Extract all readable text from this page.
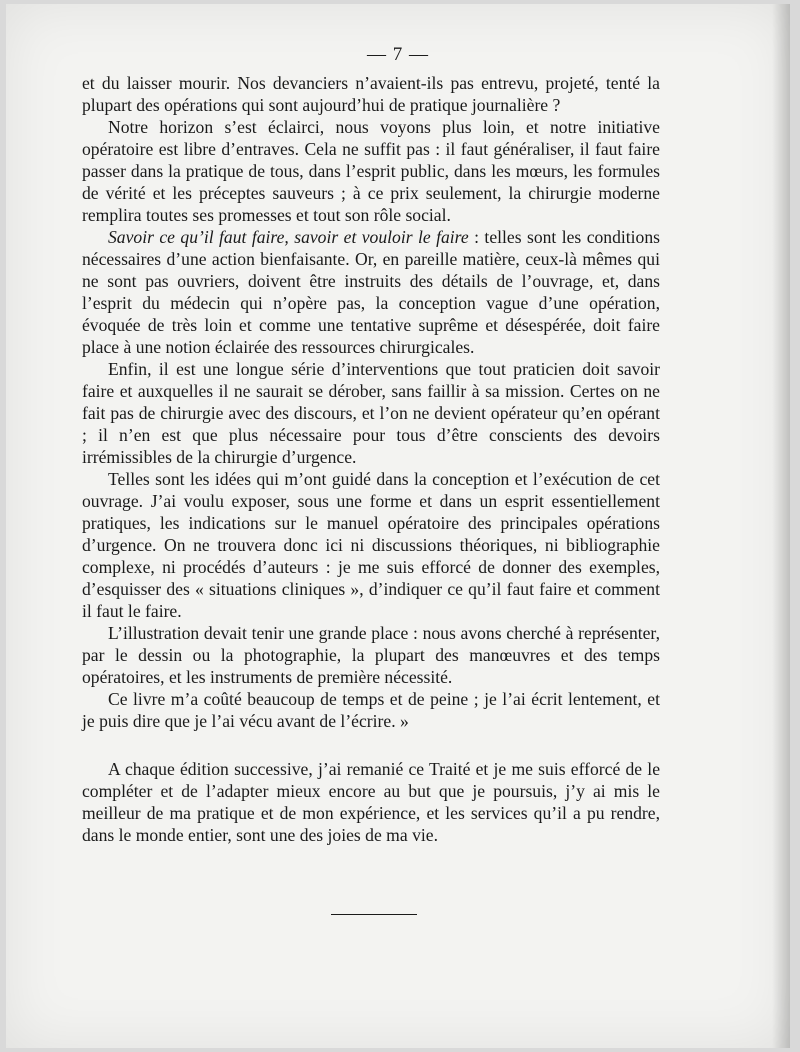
— 7 —

et du laisser mourir. Nos devanciers n’avaient-ils pas entrevu, projeté, tenté la plupart des opérations qui sont aujourd’hui de pratique journalière ?

Notre horizon s’est éclairci, nous voyons plus loin, et notre initiative opératoire est libre d’entraves. Cela ne suffit pas : il faut généraliser, il faut faire passer dans la pratique de tous, dans l’esprit public, dans les mœurs, les formules de vérité et les préceptes sauveurs ; à ce prix seulement, la chirurgie moderne remplira toutes ses promesses et tout son rôle social.

Savoir ce qu’il faut faire, savoir et vouloir le faire : telles sont les conditions nécessaires d’une action bienfaisante. Or, en pareille matière, ceux-là mêmes qui ne sont pas ouvriers, doivent être instruits des détails de l’ouvrage, et, dans l’esprit du médecin qui n’opère pas, la conception vague d’une opération, évoquée de très loin et comme une tentative suprême et désespérée, doit faire place à une notion éclairée des ressources chirurgicales.

Enfin, il est une longue série d’interventions que tout praticien doit savoir faire et auxquelles il ne saurait se dérober, sans faillir à sa mission. Certes on ne fait pas de chirurgie avec des discours, et l’on ne devient opérateur qu’en opérant ; il n’en est que plus nécessaire pour tous d’être conscients des devoirs irrémissibles de la chirurgie d’urgence.

Telles sont les idées qui m’ont guidé dans la conception et l’exécution de cet ouvrage. J’ai voulu exposer, sous une forme et dans un esprit essentiellement pratiques, les indications sur le manuel opératoire des principales opérations d’urgence. On ne trouvera donc ici ni discussions théoriques, ni bibliographie complexe, ni procédés d’auteurs : je me suis efforcé de donner des exemples, d’esquisser des « situations cliniques », d’indiquer ce qu’il faut faire et comment il faut le faire.

L’illustration devait tenir une grande place : nous avons cherché à représenter, par le dessin ou la photographie, la plupart des manœuvres et des temps opératoires, et les instruments de première nécessité.

Ce livre m’a coûté beaucoup de temps et de peine ; je l’ai écrit lentement, et je puis dire que je l’ai vécu avant de l’écrire. »

A chaque édition successive, j’ai remanié ce Traité et je me suis efforcé de le compléter et de l’adapter mieux encore au but que je poursuis, j’y ai mis le meilleur de ma pratique et de mon expérience, et les services qu’il a pu rendre, dans le monde entier, sont une des joies de ma vie.
